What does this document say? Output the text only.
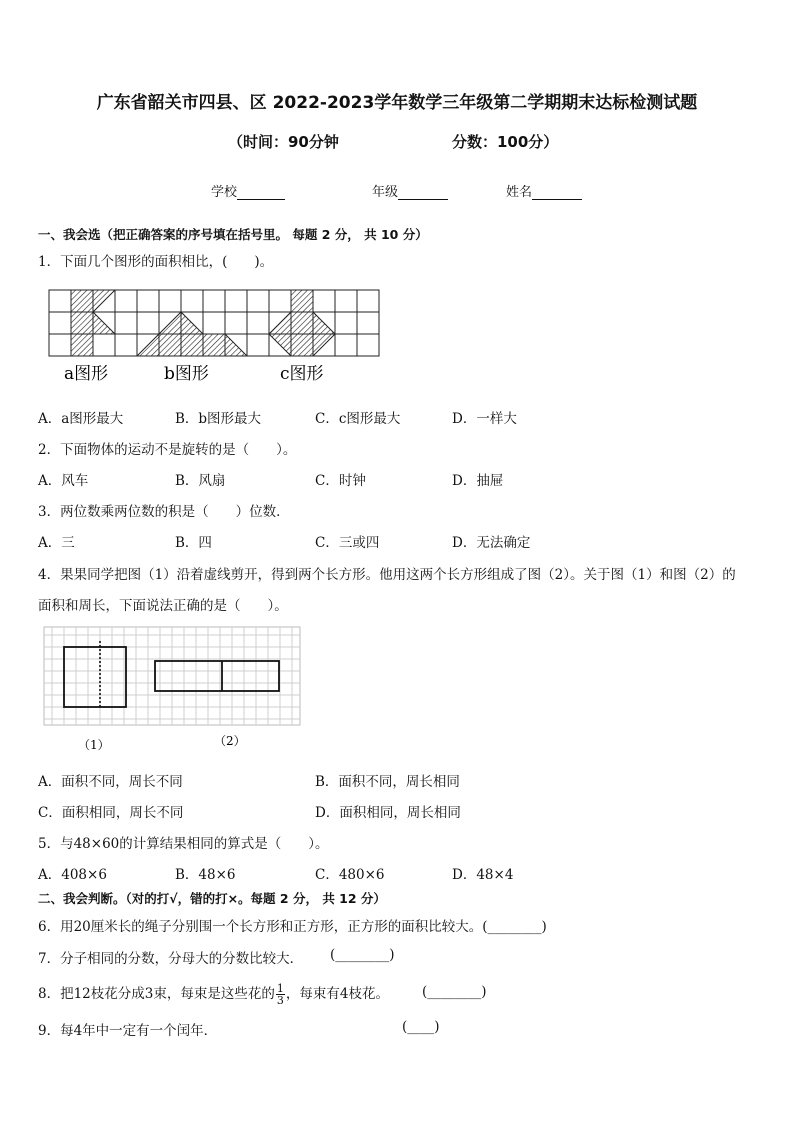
广东省韶关市四县、区 2022-2023学年数学三年级第二学期期末达标检测试题
（时间：90分钟	分数：100分）
学校	年级	姓名
一、我会选（把正确答案的序号填在括号里。 每题 2 分， 共 10 分）
1．下面几个图形的面积相比，(　　)。
a图形	b图形	c图形
A．a图形最大	B．b图形最大	C．c图形最大	D．一样大
2．下面物体的运动不是旋转的是（　　）。
A．风车	B．风扇	C．时钟	D．抽屉
3．两位数乘两位数的积是（　　）位数．
A．三	B．四	C．三或四	D．无法确定
4．果果同学把图（1）沿着虚线剪开，得到两个长方形。他用这两个长方形组成了图（2）。关于图（1）和图（2）的
面积和周长，下面说法正确的是（　　）。
（1）	（2）
A．面积不同，周长不同	B．面积不同，周长相同
C．面积相同，周长不同	D．面积相同，周长相同
5．与48×60的计算结果相同的算式是（　　）。
A．408×6	B．48×6	C．480×6	D．48×4
二、我会判断。（对的打√，错的打×。每题 2 分， 共 12 分）
6．用20厘米长的绳子分别围一个长方形和正方形，正方形的面积比较大。(________)
7．分子相同的分数，分母大的分数比较大． (________)
8．把12枝花分成3束，每束是这些花的 $\frac{1}{3}$ ，每束有4枝花。 (________)
9．每4年中一定有一个闰年．	(____)
